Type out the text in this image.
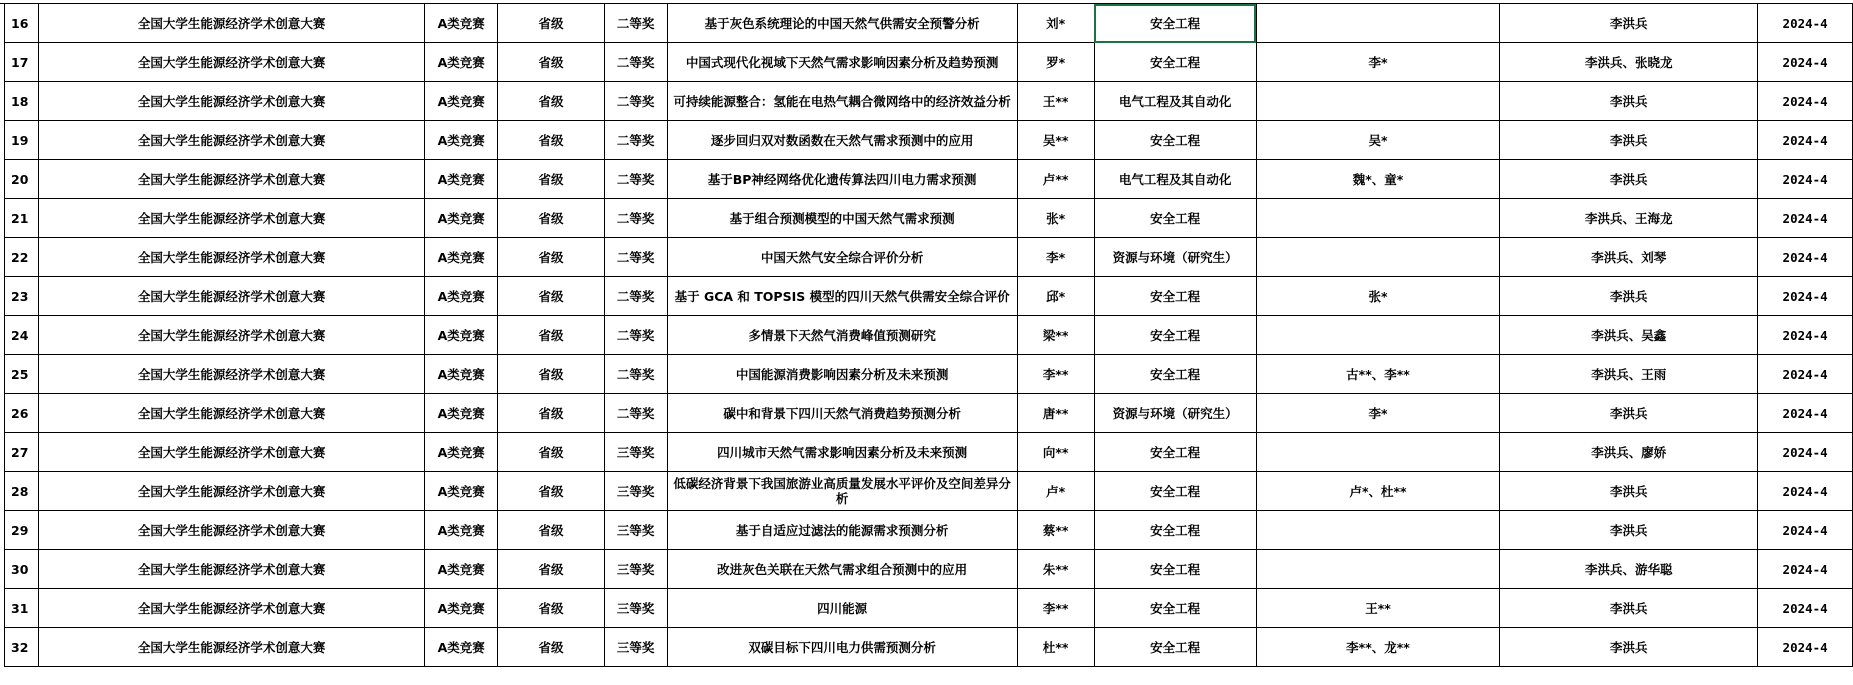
16	全国大学生能源经济学术创意大赛	A类竞赛	省级	二等奖	基于灰色系统理论的中国天然气供需安全预警分析	刘*	安全工程		李洪兵	2024-4
17	全国大学生能源经济学术创意大赛	A类竞赛	省级	二等奖	中国式现代化视域下天然气需求影响因素分析及趋势预测	罗*	安全工程	李*	李洪兵、张晓龙	2024-4
18	全国大学生能源经济学术创意大赛	A类竞赛	省级	二等奖	可持续能源整合：氢能在电热气耦合微网络中的经济效益分析	王**	电气工程及其自动化		李洪兵	2024-4
19	全国大学生能源经济学术创意大赛	A类竞赛	省级	二等奖	逐步回归双对数函数在天然气需求预测中的应用	吴**	安全工程	吴*	李洪兵	2024-4
20	全国大学生能源经济学术创意大赛	A类竞赛	省级	二等奖	基于BP神经网络优化遗传算法四川电力需求预测	卢**	电气工程及其自动化	魏*、童*	李洪兵	2024-4
21	全国大学生能源经济学术创意大赛	A类竞赛	省级	二等奖	基于组合预测模型的中国天然气需求预测	张*	安全工程		李洪兵、王海龙	2024-4
22	全国大学生能源经济学术创意大赛	A类竞赛	省级	二等奖	中国天然气安全综合评价分析	李*	资源与环境（研究生）		李洪兵、刘琴	2024-4
23	全国大学生能源经济学术创意大赛	A类竞赛	省级	二等奖	基于 GCA 和 TOPSIS 模型的四川天然气供需安全综合评价	邱*	安全工程	张*	李洪兵	2024-4
24	全国大学生能源经济学术创意大赛	A类竞赛	省级	二等奖	多情景下天然气消费峰值预测研究	梁**	安全工程		李洪兵、吴鑫	2024-4
25	全国大学生能源经济学术创意大赛	A类竞赛	省级	二等奖	中国能源消费影响因素分析及未来预测	李**	安全工程	古**、李**	李洪兵、王雨	2024-4
26	全国大学生能源经济学术创意大赛	A类竞赛	省级	二等奖	碳中和背景下四川天然气消费趋势预测分析	唐**	资源与环境（研究生）	李*	李洪兵	2024-4
27	全国大学生能源经济学术创意大赛	A类竞赛	省级	三等奖	四川城市天然气需求影响因素分析及未来预测	向**	安全工程		李洪兵、廖娇	2024-4
28	全国大学生能源经济学术创意大赛	A类竞赛	省级	三等奖	低碳经济背景下我国旅游业高质量发展水平评价及空间差异分析	卢*	安全工程	卢*、杜**	李洪兵	2024-4
29	全国大学生能源经济学术创意大赛	A类竞赛	省级	三等奖	基于自适应过滤法的能源需求预测分析	蔡**	安全工程		李洪兵	2024-4
30	全国大学生能源经济学术创意大赛	A类竞赛	省级	三等奖	改进灰色关联在天然气需求组合预测中的应用	朱**	安全工程		李洪兵、游华聪	2024-4
31	全国大学生能源经济学术创意大赛	A类竞赛	省级	三等奖	四川能源	李**	安全工程	王**	李洪兵	2024-4
32	全国大学生能源经济学术创意大赛	A类竞赛	省级	三等奖	双碳目标下四川电力供需预测分析	杜**	安全工程	李**、龙**	李洪兵	2024-4
